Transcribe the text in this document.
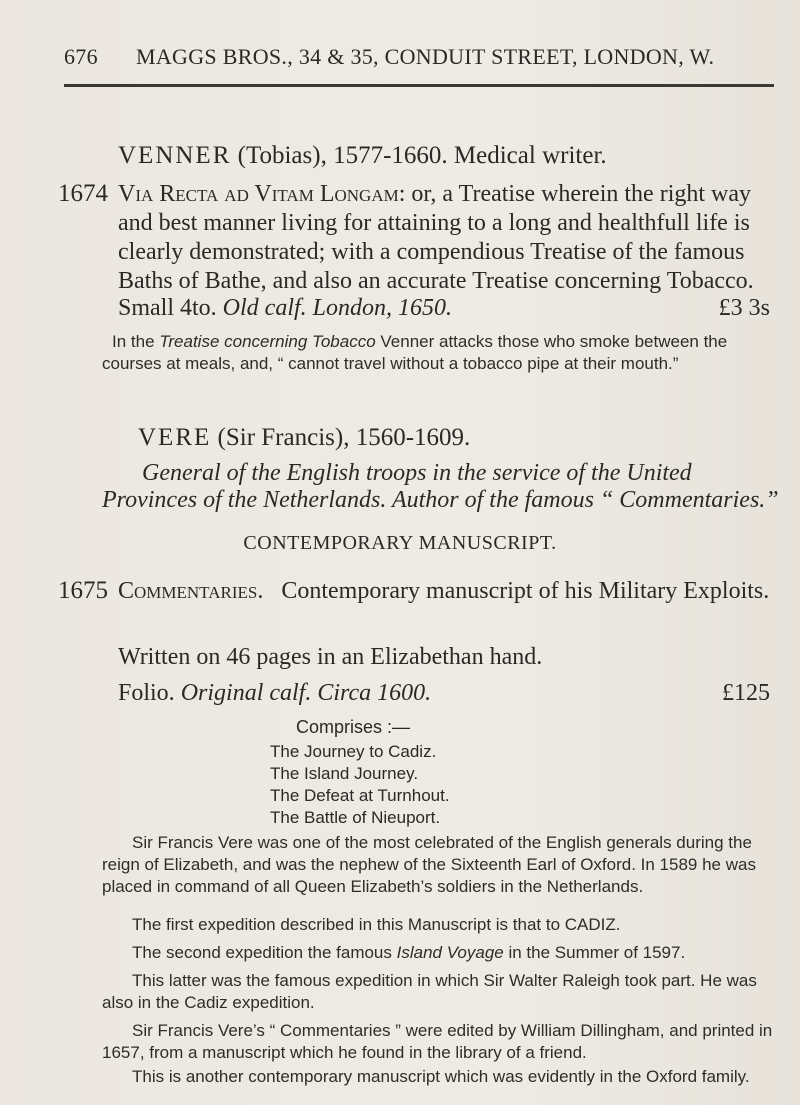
676 MAGGS BROS., 34 & 35, CONDUIT STREET, LONDON, W.
VENNER (Tobias), 1577-1660. Medical writer.
1674 Via Recta ad Vitam Longam: or, a Treatise wherein the right way and best manner living for attaining to a long and healthfull life is clearly demonstrated; with a compendious Treatise of the famous Baths of Bathe, and also an accurate Treatise concerning Tobacco.
Small 4to. Old calf. London, 1650.	£3 3s
In the Treatise concerning Tobacco Venner attacks those who smoke between the courses at meals, and, “ cannot travel without a tobacco pipe at their mouth.”
VERE (Sir Francis), 1560-1609.
General of the English troops in the service of the United Provinces of the Netherlands. Author of the famous “ Commentaries.”
CONTEMPORARY MANUSCRIPT.
1675 Commentaries. Contemporary manuscript of his Military Exploits.
Written on 46 pages in an Elizabethan hand.
Folio. Original calf. Circa 1600.	£125
Comprises :—
The Journey to Cadiz.
The Island Journey.
The Defeat at Turnhout.
The Battle of Nieuport.
Sir Francis Vere was one of the most celebrated of the English generals during the reign of Elizabeth, and was the nephew of the Sixteenth Earl of Oxford. In 1589 he was placed in command of all Queen Elizabeth’s soldiers in the Netherlands.
The first expedition described in this Manuscript is that to CADIZ.
The second expedition the famous Island Voyage in the Summer of 1597.
This latter was the famous expedition in which Sir Walter Raleigh took part. He was also in the Cadiz expedition.
Sir Francis Vere’s “ Commentaries ” were edited by William Dillingham, and printed in 1657, from a manuscript which he found in the library of a friend.
This is another contemporary manuscript which was evidently in the Oxford family.
